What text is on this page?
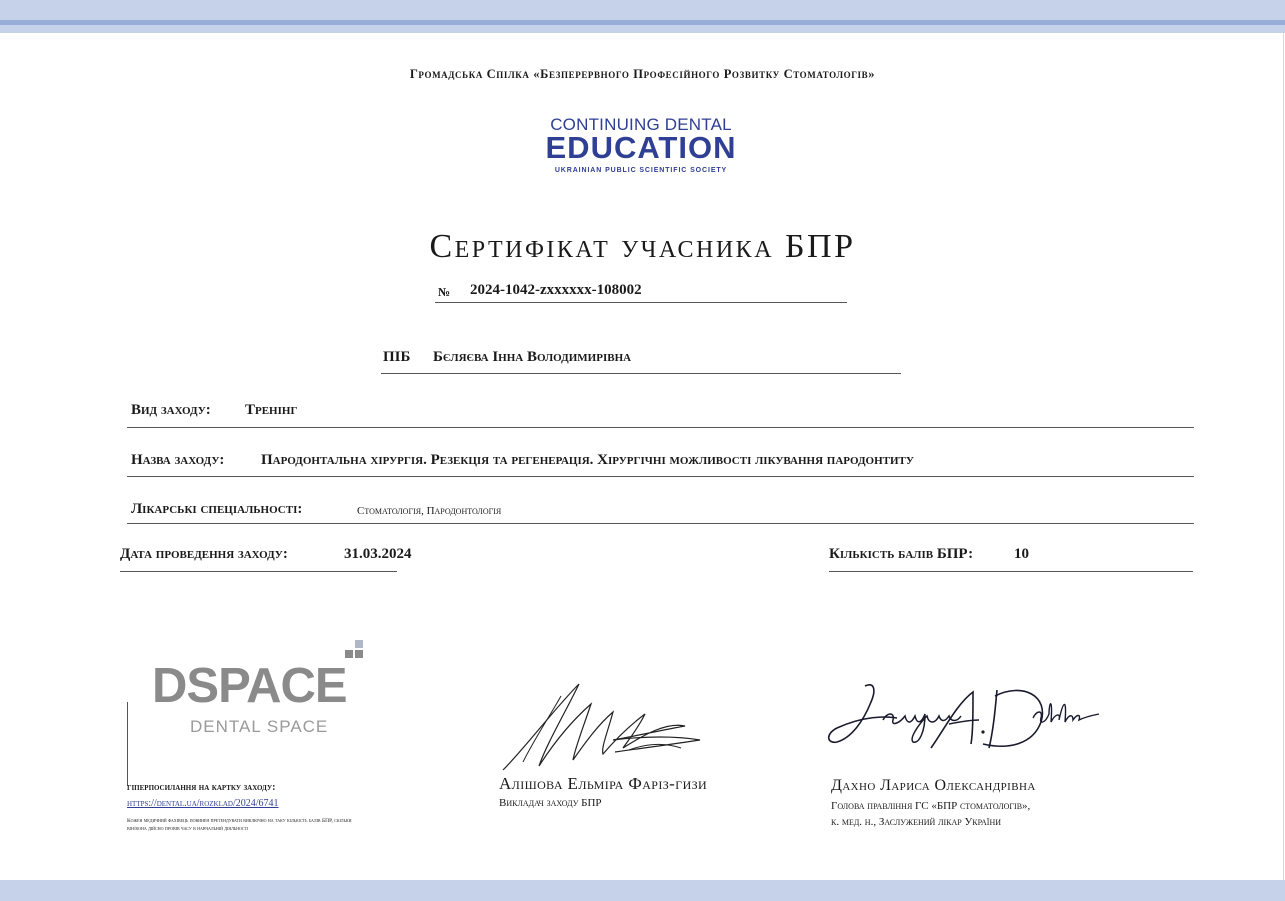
Громадська Спілка «Безперервного Професійного Розвитку Стоматологів»
CONTINUING DENTAL
EDUCATION
UKRAINIAN PUBLIC SCIENTIFIC SOCIETY
Сертифікат учасника БПР
№ 2024-1042-zxxxxxx-108002
ПІБ Бєляєва Інна Володимирівна
Вид заходу: Тренінг
Назва заходу: Пародонтальна хірургія. Резекція та регенерація. Хірургічні можливості лікування пародонтиту
Лікарські спеціальності:	Стоматологія, Пародонтологія
Дата проведення заходу:	31.03.2024	Кількість балів БПР:	10
DSPACE
DENTAL SPACE
гіперпосилання на картку заходу:
https://dental.ua/rozklad/2024/6741
Кожен медичний фахівець повинен претендувати виключно на таку кількість балів БПР, скільки він/вона дійсно провів часу в навчальній діяльності
Алішова Ельміра Фаріз-гизи
Викладач заходу БПР
Дахно Лариса Олександрівна
Голова правління ГС «БПР стоматологів»,
к. мед. н., Заслужений лікар України
